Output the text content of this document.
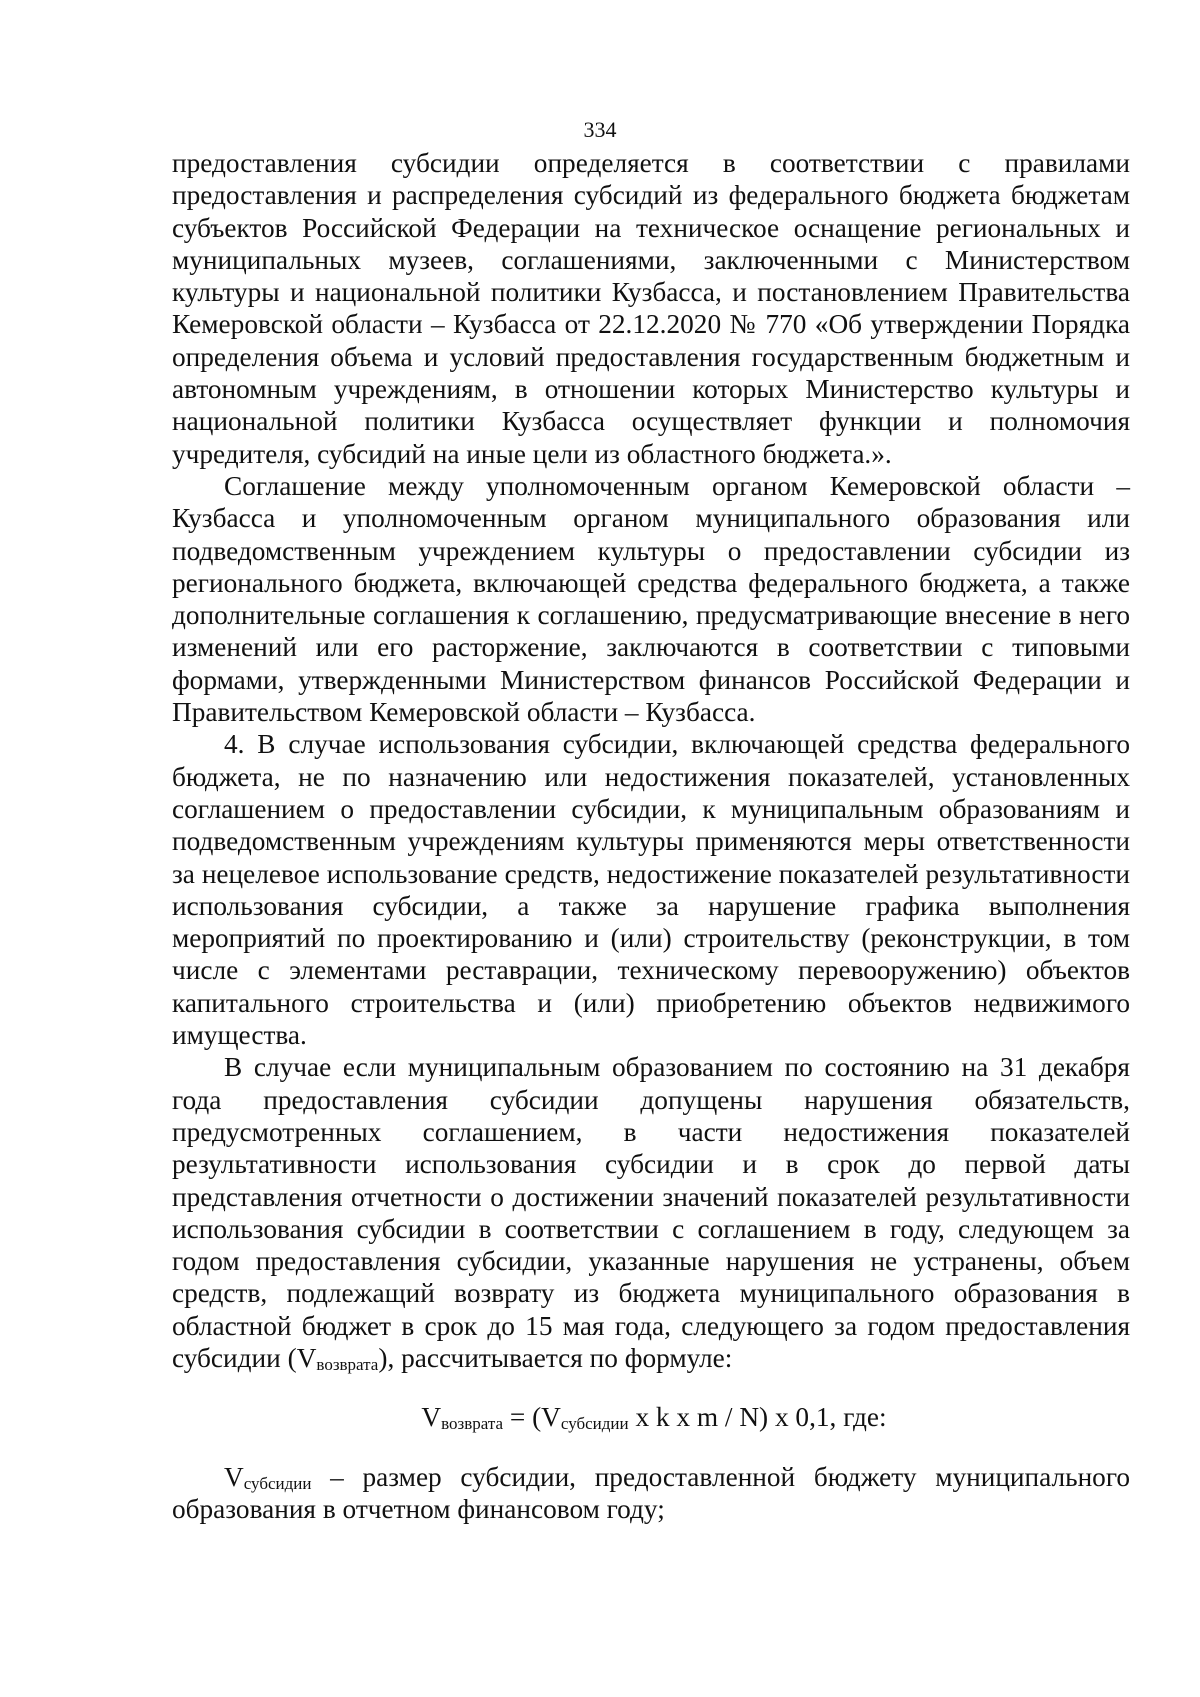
334

предоставления субсидии определяется в соответствии с правилами предоставления и распределения субсидий из федерального бюджета бюджетам субъектов Российской Федерации на техническое оснащение региональных и муниципальных музеев, соглашениями, заключенными с Министерством культуры и национальной политики Кузбасса, и постановлением Правительства Кемеровской области – Кузбасса от 22.12.2020 № 770 «Об утверждении Порядка определения объема и условий предоставления государственным бюджетным и автономным учреждениям, в отношении которых Министерство культуры и национальной политики Кузбасса осуществляет функции и полномочия учредителя, субсидий на иные цели из областного бюджета.».

Соглашение между уполномоченным органом Кемеровской области – Кузбасса и уполномоченным органом муниципального образования или подведомственным учреждением культуры о предоставлении субсидии из регионального бюджета, включающей средства федерального бюджета, а также дополнительные соглашения к соглашению, предусматривающие внесение в него изменений или его расторжение, заключаются в соответствии с типовыми формами, утвержденными Министерством финансов Российской Федерации и Правительством Кемеровской области – Кузбасса.

4. В случае использования субсидии, включающей средства федерального бюджета, не по назначению или недостижения показателей, установленных соглашением о предоставлении субсидии, к муниципальным образованиям и подведомственным учреждениям культуры применяются меры ответственности за нецелевое использование средств, недостижение показателей результативности использования субсидии, а также за нарушение графика выполнения мероприятий по проектированию и (или) строительству (реконструкции, в том числе с элементами реставрации, техническому перевооружению) объектов капитального строительства и (или) приобретению объектов недвижимого имущества.

В случае если муниципальным образованием по состоянию на 31 декабря года предоставления субсидии допущены нарушения обязательств, предусмотренных соглашением, в части недостижения показателей результативности использования субсидии и в срок до первой даты представления отчетности о достижении значений показателей результативности использования субсидии в соответствии с соглашением в году, следующем за годом предоставления субсидии, указанные нарушения не устранены, объем средств, подлежащий возврату из бюджета муниципального образования в областной бюджет в срок до 15 мая года, следующего за годом предоставления субсидии $(V_{возврата})$, рассчитывается по формуле:

$V_{возврата} = (V_{субсидии}$ x k x m / N) x 0,1, где:

$V_{субсидии}$ – размер субсидии, предоставленной бюджету муниципального образования в отчетном финансовом году;
